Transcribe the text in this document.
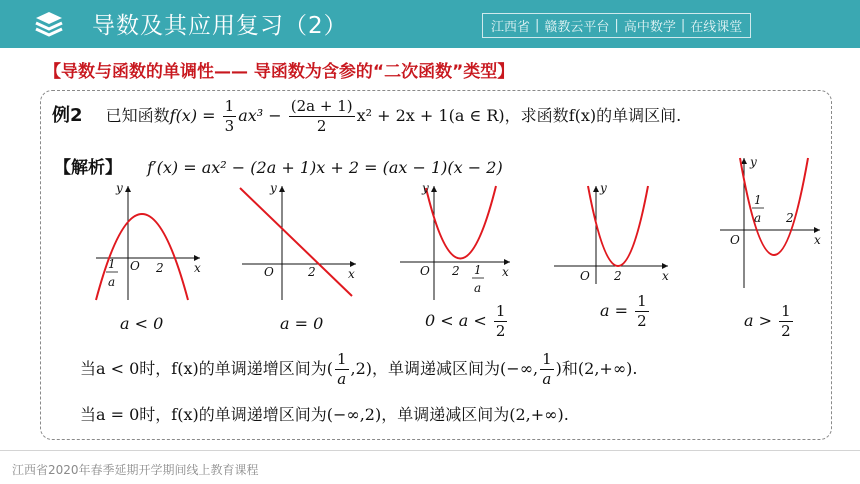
导数及其应用复习（2）	江西省 | 赣教云平台 | 高中数学 | 在线课堂
【导数与函数的单调性—— 导函数为含参的“二次函数”类型】
例2 已知函数$f(x) = \frac{1}{3} ax^3 - \frac{(2a + 1)}{2} x^2 + 2x + 1(a$ ∈ R)，求函数f(x)的单调区间.
【解析】 f′(x) = ax² − (2a + 1)x + 2 = (ax − 1)(x − 2)
y
x
O 2
1
a
a < 0
y
x
O	2
a = 0
y
x
O 2 1
a
$0 < a < \frac{1}{2}$
y
x
O 2
$a = \frac{1}{2}$
y
x
O
2
1
a
$a > \frac{1}{2}$
当a < 0时，f(x)的单调递增区间为( $\frac{1}{a} ,2$)，单调递减区间为(−∞, $\frac{1}{a}$ )和(2,+∞).
当a = 0时，f(x)的单调递增区间为(−∞,2)，单调递减区间为(2,+∞).
江西省2020年春季延期开学期间线上教育课程
